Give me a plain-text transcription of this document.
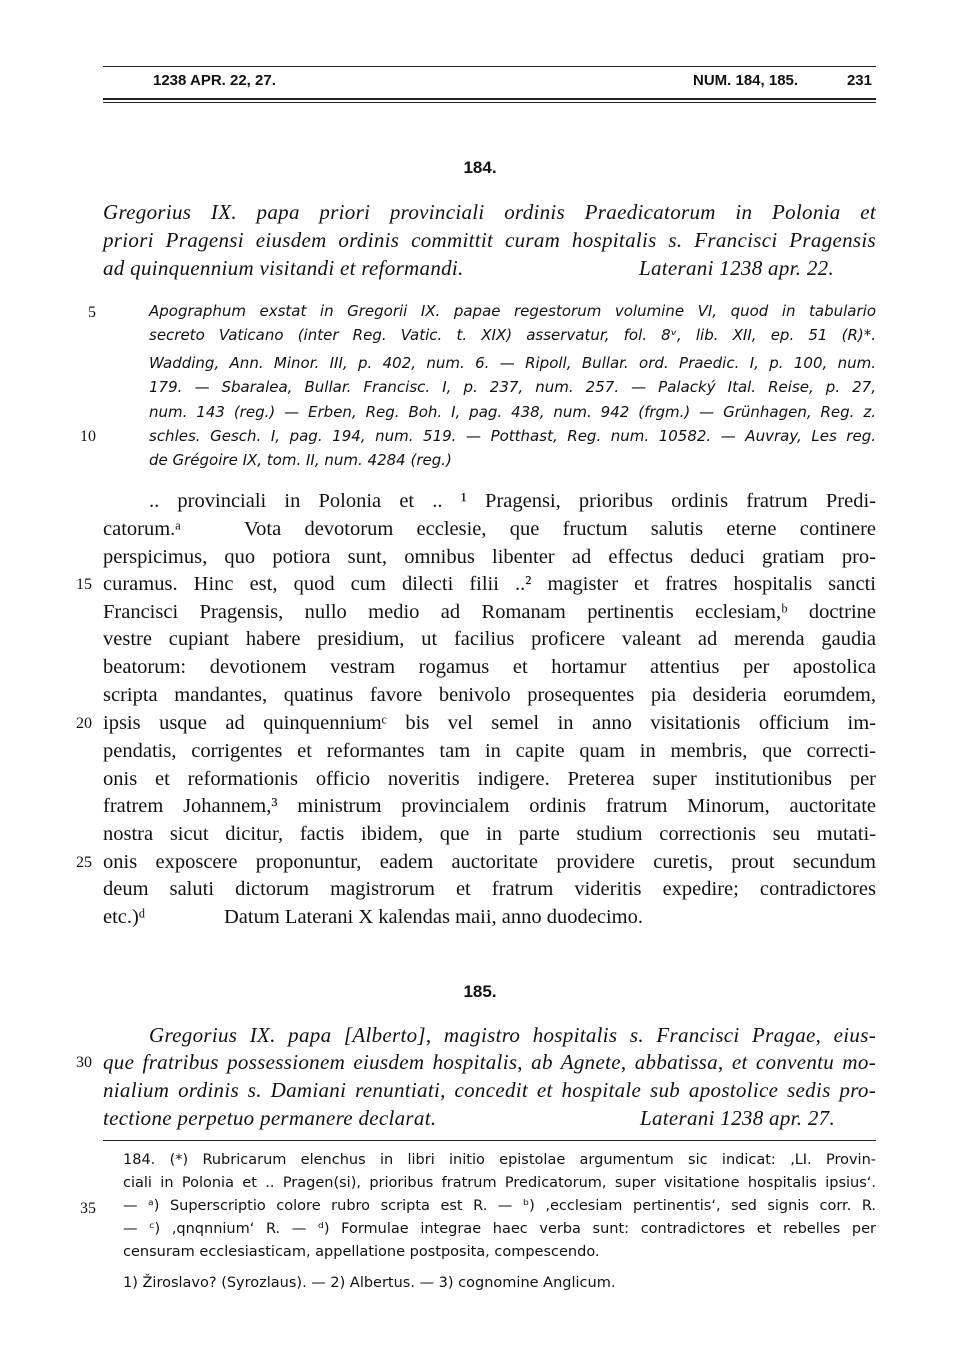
1238 APR. 22, 27.	NUM. 184, 185.	231
184.
Gregorius IX. papa priori provinciali ordinis Praedicatorum in Polonia et
priori Pragensi eiusdem ordinis committit curam hospitalis s. Francisci Pragensis
ad quinquennium visitandi et reformandi.	Laterani 1238 apr. 22.
Apographum exstat in Gregorii IX. papae regestorum volumine VI, quod in tabulario
secreto Vaticano (inter Reg. Vatic. t. XIX) asservatur, fol. 8ᵛ, lib. XII, ep. 51 (R)*.
Wadding, Ann. Minor. III, p. 402, num. 6. — Ripoll, Bullar. ord. Praedic. I, p. 100, num.
179. — Sbaralea, Bullar. Francisc. I, p. 237, num. 257. — Palacký Ital. Reise, p. 27,
num. 143 (reg.) — Erben, Reg. Boh. I, pag. 438, num. 942 (frgm.) — Grünhagen, Reg. z.
schles. Gesch. I, pag. 194, num. 519. — Potthast, Reg. num. 10582. — Auvray, Les reg.
de Grégoire IX, tom. II, num. 4284 (reg.)
.. provinciali in Polonia et .. ¹ Pragensi, prioribus ordinis fratrum Predi-
catorum.ᵃ	Vota devotorum ecclesie, que fructum salutis eterne continere
perspicimus, quo potiora sunt, omnibus libenter ad effectus deduci gratiam pro-
curamus. Hinc est, quod cum dilecti filii ..² magister et fratres hospitalis sancti
Francisci Pragensis, nullo medio ad Romanam pertinentis ecclesiam,ᵇ doctrine
vestre cupiant habere presidium, ut facilius proficere valeant ad merenda gaudia
beatorum: devotionem vestram rogamus et hortamur attentius per apostolica
scripta mandantes, quatinus favore benivolo prosequentes pia desideria eorumdem,
ipsis usque ad quinquenniumᶜ bis vel semel in anno visitationis officium im-
pendatis, corrigentes et reformantes tam in capite quam in membris, que correcti-
onis et reformationis officio noveritis indigere. Preterea super institutionibus per
fratrem Johannem,³ ministrum provincialem ordinis fratrum Minorum, auctoritate
nostra sicut dicitur, factis ibidem, que in parte studium correctionis seu mutati-
onis exposcere proponuntur, eadem auctoritate providere curetis, prout secundum
deum saluti dictorum magistrorum et fratrum videritis expedire; contradictores
etc.)ᵈ	Datum Laterani X kalendas maii, anno duodecimo.
185.
Gregorius IX. papa [Alberto], magistro hospitalis s. Francisci Pragae, eius-
que fratribus possessionem eiusdem hospitalis, ab Agnete, abbatissa, et conventu mo-
nialium ordinis s. Damiani renuntiati, concedit et hospitale sub apostolice sedis pro-
tectione perpetuo permanere declarat.	Laterani 1238 apr. 27.
184. (*) Rubricarum elenchus in libri initio epistolae argumentum sic indicat: ‚LI. Provin-
ciali in Polonia et .. Pragen(si), prioribus fratrum Predicatorum, super visitatione hospitalis ipsius‘.
— ᵃ) Superscriptio colore rubro scripta est R. — ᵇ) ‚ecclesiam pertinentis‘, sed signis corr. R.
— ᶜ) ‚qnqnnium‘ R. — ᵈ) Formulae integrae haec verba sunt: contradictores et rebelles per
censuram ecclesiasticam, appellatione postposita, compescendo.
1) Žiroslavo? (Syrozlaus). — 2) Albertus. — 3) cognomine Anglicum.
5
10
15
20
25
30
35
